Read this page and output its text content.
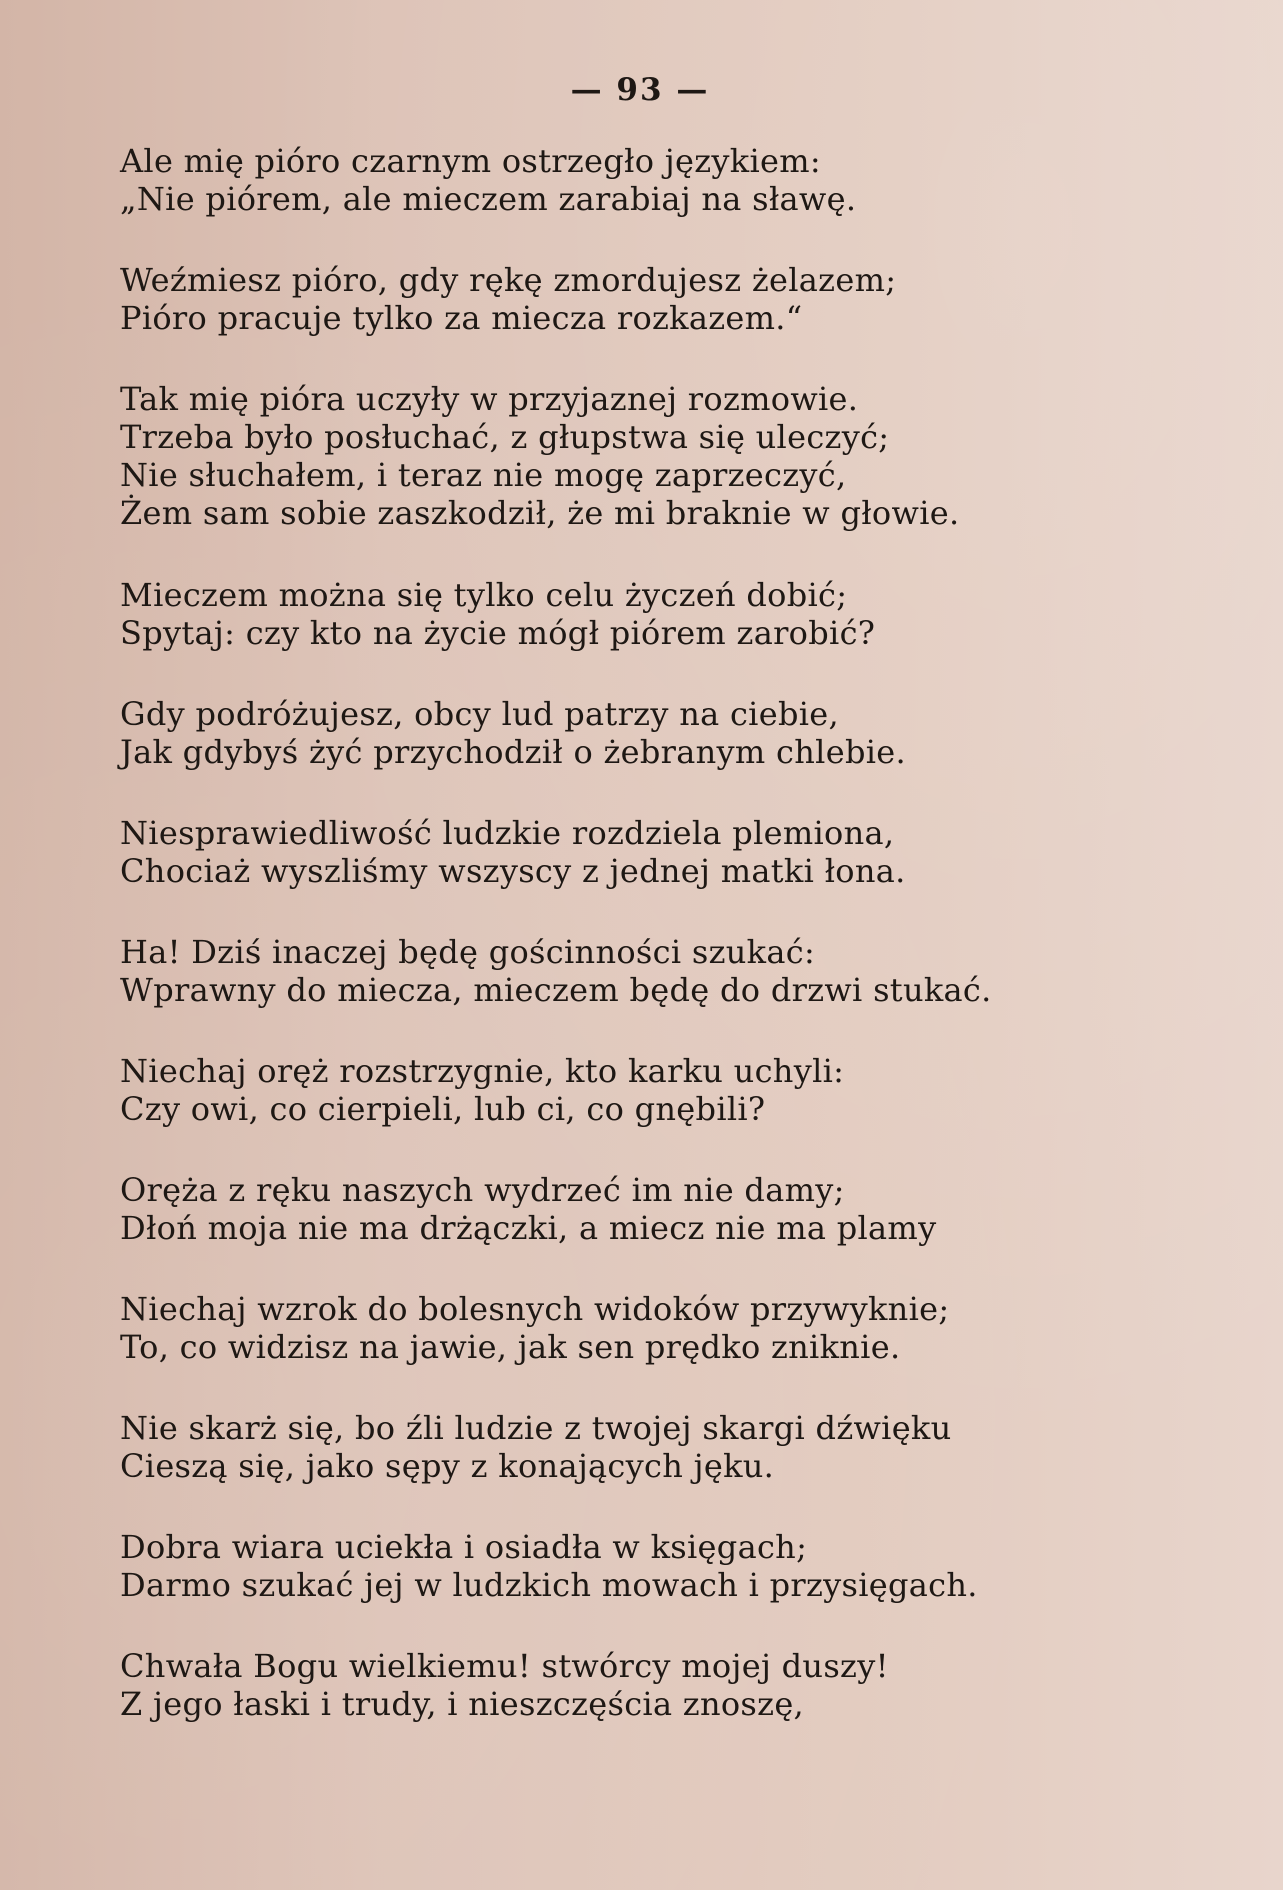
— 93 —
Ale mię pióro czarnym ostrzegło językiem:
„Nie piórem, ale mieczem zarabiaj na sławę.
Weźmiesz pióro, gdy rękę zmordujesz żelazem;
Pióro pracuje tylko za miecza rozkazem.“
Tak mię pióra uczyły w przyjaznej rozmowie.
Trzeba było posłuchać, z głupstwa się uleczyć;
Nie słuchałem, i teraz nie mogę zaprzeczyć,
Żem sam sobie zaszkodził, że mi braknie w głowie.
Mieczem można się tylko celu życzeń dobić;
Spytaj: czy kto na życie mógł piórem zarobić?
Gdy podróżujesz, obcy lud patrzy na ciebie,
Jak gdybyś żyć przychodził o żebranym chlebie.
Niesprawiedliwość ludzkie rozdziela plemiona,
Chociaż wyszliśmy wszyscy z jednej matki łona.
Ha! Dziś inaczej będę gościnności szukać:
Wprawny do miecza, mieczem będę do drzwi stukać.
Niechaj oręż rozstrzygnie, kto karku uchyli:
Czy owi, co cierpieli, lub ci, co gnębili?
Oręża z ręku naszych wydrzeć im nie damy;
Dłoń moja nie ma drżączki, a miecz nie ma plamy
Niechaj wzrok do bolesnych widoków przywyknie;
To, co widzisz na jawie, jak sen prędko zniknie.
Nie skarż się, bo źli ludzie z twojej skargi dźwięku
Cieszą się, jako sępy z konających jęku.
Dobra wiara uciekła i osiadła w księgach;
Darmo szukać jej w ludzkich mowach i przysięgach.
Chwała Bogu wielkiemu! stwórcy mojej duszy!
Z jego łaski i trudy, i nieszczęścia znoszę,
